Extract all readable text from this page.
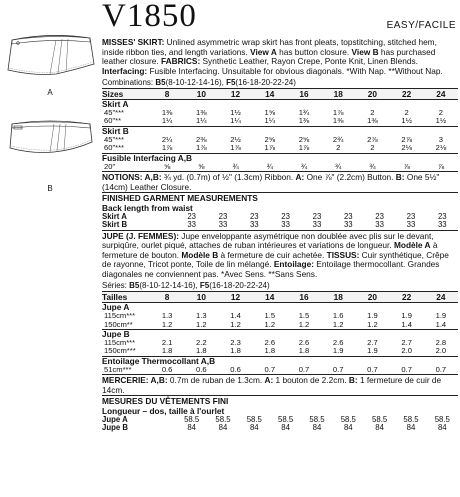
A
B
V1850	EASY/FACILE
MISSES' SKIRT: Unlined asymmetric wrap skirt has front pleats, topstitching, stitched hem, inside ribbon ties, and length variations. View A has button closure. View B has purchased leather closure. FABRICS: Synthetic Leather, Rayon Crepe, Ponte Knit, Linen Blends. Interfacing: Fusible Interfacing. Unsuitable for obvious diagonals. *With Nap. **Without Nap.
Combinations: B5(8-10-12-14-16), F5(16-18-20-22-24)
Sizes	8	10	12	14	16	18	20	22	24
Skirt A									
45"***	1⅜	1⅜	1½	1⅝	1¾	1⅞	2	2	2
60"**	1¼	1¼	1¼	1¼	1⅜	1⅜	1⅜	1½	1½
Skirt B									
45"***	2¼	2⅜	2½	2⅝	2⅝	2¾	2⅞	2⅞	3
60"***	1⅞	1⅞	1⅞	1⅞	1⅞	2	2	2⅛	2⅛
Fusible Interfacing A,B									
20"	⅝	⅝	¾	¾	¾	¾	¾	⅞	⅞
NOTIONS: A,B: ¾ yd. (0.7m) of ½" (1.3cm) Ribbon. A: One ⅞" (2.2cm) Button. B: One 5½" (14cm) Leather Closure.
FINISHED GARMENT MEASUREMENTS
Back length from waist
Skirt A	23	23	23	23	23	23	23	23	23
Skirt B	33	33	33	33	33	33	33	33	33
JUPE (J. FEMMES): Jupe enveloppante asymétrique non doublée avec plis sur le devant, surpiqûre, ourlet piqué, attaches de ruban intérieures et variations de longueur. Modèle A à fermeture de bouton. Modèle B à fermeture de cuir achetée. TISSUS: Cuir synthétique, Crêpe de rayonne, Tricot ponte, Toile de lin mélangé. Entoilage: Entoilage thermocollant. Grandes diagonales ne conviennent pas. *Avec Sens. **Sans Sens.
Séries: B5(8-10-12-14-16), F5(16-18-20-22-24)
Tailles	8	10	12	14	16	18	20	22	24
Jupe A									
115cm***	1.3	1.3	1.4	1.5	1.5	1.6	1.9	1.9	1.9
150cm**	1.2	1.2	1.2	1.2	1.2	1.2	1.2	1.4	1.4
Jupe B									
115cm***	2.1	2.2	2.3	2.6	2.6	2.6	2.7	2.7	2.8
150cm***	1.8	1.8	1.8	1.8	1.8	1.9	1.9	2.0	2.0
Entoilage Thermocollant A,B									
51cm***	0.6	0.6	0.6	0.7	0.7	0.7	0.7	0.7	0.7
MERCERIE: A,B: 0.7m de ruban de 1.3cm. A: 1 bouton de 2.2cm. B: 1 fermeture de cuir de 14cm.
MESURES DU VÊTEMENTS FINI
Longueur – dos, taille à l'ourlet
Jupe A	58.5	58.5	58.5	58.5	58.5	58.5	58.5	58.5	58.5
Jupe B	84	84	84	84	84	84	84	84	84
